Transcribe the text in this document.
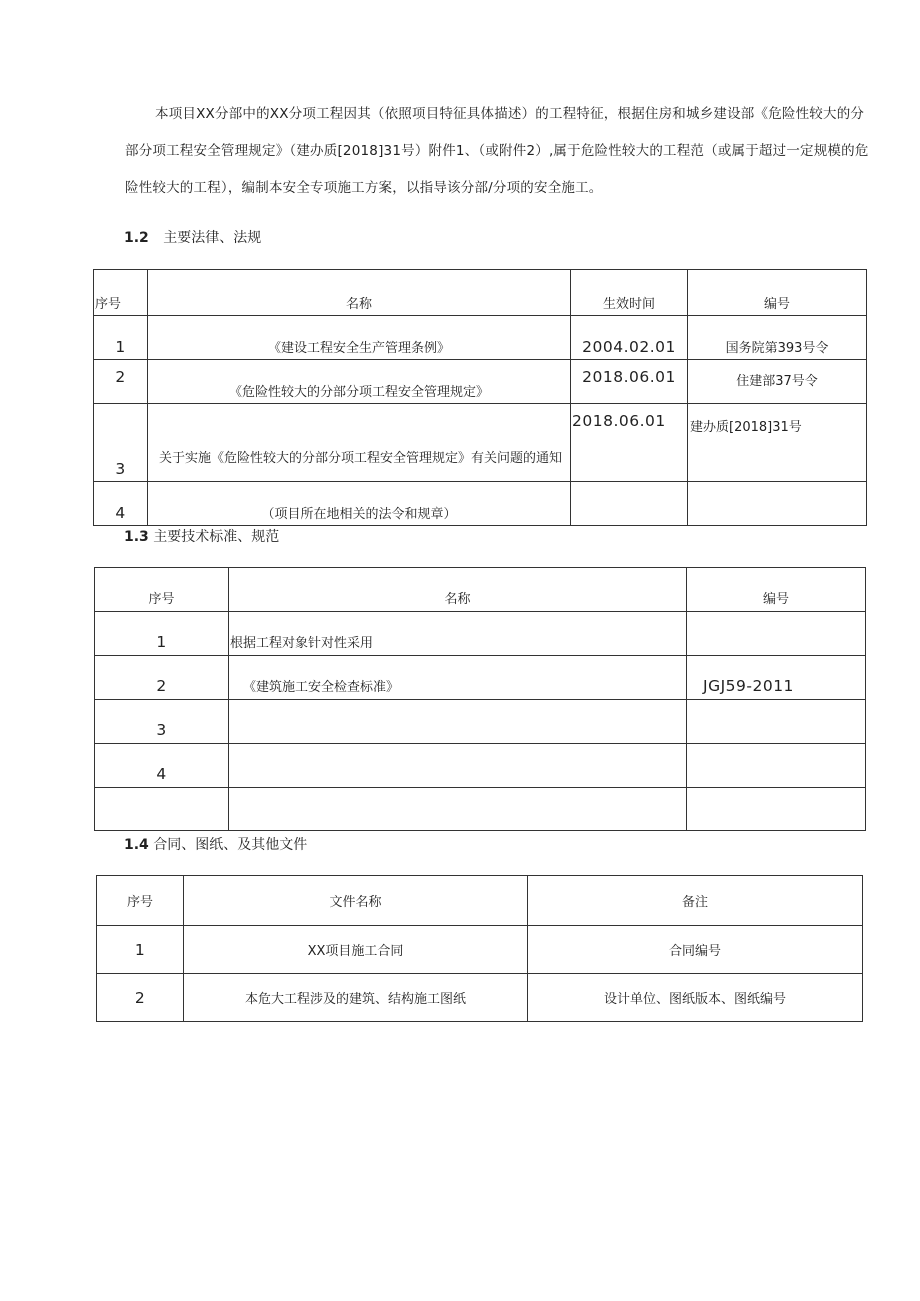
本项目XX分部中的XX分项工程因其（依照项目特征具体描述）的工程特征，根据住房和城乡建设部《危险性较大的分部分项工程安全管理规定》（建办质[2018]31号）附件1、（或附件2）,属于危险性较大的工程范（或属于超过一定规模的危险性较大的工程），编制本安全专项施工方案，以指导该分部/分项的安全施工。
1.2 主要法律、法规
序号	名称	生效时间	编号
1	《建设工程安全生产管理条例》	2004.02.01	国务院第393号令
2	《危险性较大的分部分项工程安全管理规定》	2018.06.01	住建部37号令
3	关于实施《危险性较大的分部分项工程安全管理规定》有关问题的通知	2018.06.01	建办质[2018]31号
4	（项目所在地相关的法令和规章）		
1.3 主要技术标准、规范
序号	名称	编号
1	根据工程对象针对性采用	
2	《建筑施工安全检查标准》	JGJ59-2011
3		
4		

1.4 合同、图纸、及其他文件
序号	文件名称	备注
1	XX项目施工合同	合同编号
2	本危大工程涉及的建筑、结构施工图纸	设计单位、图纸版本、图纸编号
